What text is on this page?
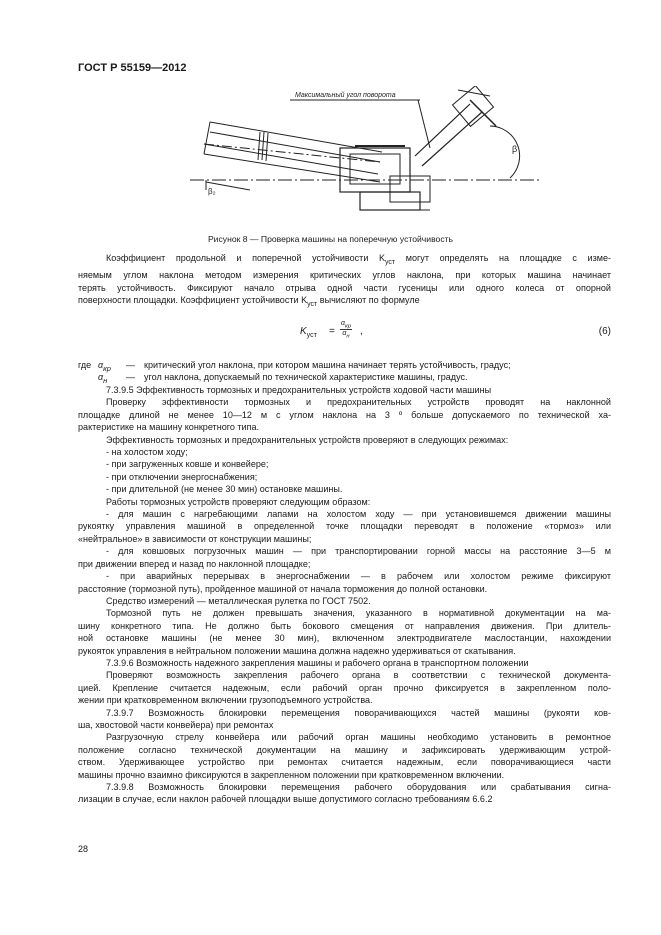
ГОСТ Р 55159—2012
Максимальный угол поворота
β
β₂
Рисунок 8 — Проверка машины на поперечную устойчивость
Коэффициент продольной и поперечной устойчивости $K_{уст}$ могут определять на площадке с изме-
няемым углом наклона методом измерения критических углов наклона, при которых машина начинает
терять устойчивость. Фиксируют начало отрыва одной части гусеницы или одного колеса от опорной
поверхности площадки. Коэффициент устойчивости $K_{уст}$ вычисляют по формуле
$K_{уст}$ =
$\alpha_{кр}$
$\alpha_н$ ,	(6)
где $\alpha_{кр}$ — критический угол наклона, при котором машина начинает терять устойчивость, градус;
$\alpha_н$ — угол наклона, допускаемый по технической характеристике машины, градус.
7.3.9.5 Эффективность тормозных и предохранительных устройств ходовой части машины
Проверку эффективности тормозных и предохранительных устройств проводят на наклонной
площадке длиной не менее 10—12 м с углом наклона на 3 º больше допускаемого по технической ха-
рактеристике на машину конкретного типа.
Эффективность тормозных и предохранительных устройств проверяют в следующих режимах:
- на холостом ходу;
- при загруженных ковше и конвейере;
- при отключении энергоснабжения;
- при длительной (не менее 30 мин) остановке машины.
Работы тормозных устройств проверяют следующим образом:
- для машин с нагребающими лапами на холостом ходу — при установившемся движении машины
рукоятку управления машиной в определенной точке площадки переводят в положение «тормоз» или
«нейтральное» в зависимости от конструкции машины;
- для ковшовых погрузочных машин — при транспортировании горной массы на расстояние 3—5 м
при движении вперед и назад по наклонной площадке;
- при аварийных перерывах в энергоснабжении — в рабочем или холостом режиме фиксируют
расстояние (тормозной путь), пройденное машиной от начала торможения до полной остановки.
Средство измерений — металлическая рулетка по ГОСТ 7502.
Тормозной путь не должен превышать значения, указанного в нормативной документации на ма-
шину конкретного типа. Не должно быть бокового смещения от направления движения. При длитель-
ной остановке машины (не менее 30 мин), включенном электродвигателе маслостанции, нахождении
рукояток управления в нейтральном положении машина должна надежно удерживаться от скатывания.
7.3.9.6 Возможность надежного закрепления машины и рабочего органа в транспортном положении
Проверяют возможность закрепления рабочего органа в соответствии с технической документа-
цией. Крепление считается надежным, если рабочий орган прочно фиксируется в закрепленном поло-
жении при кратковременном включении грузоподъемного устройства.
7.3.9.7 Возможность блокировки перемещения поворачивающихся частей машины (рукояти ков-
ша, хвостовой части конвейера) при ремонтах
Разгрузочную стрелу конвейера или рабочий орган машины необходимо установить в ремонтное
положение согласно технической документации на машину и зафиксировать удерживающим устрой-
ством. Удерживающее устройство при ремонтах считается надежным, если поворачивающиеся части
машины прочно взаимно фиксируются в закрепленном положении при кратковременном включении.
7.3.9.8 Возможность блокировки перемещения рабочего оборудования или срабатывания сигна-
лизации в случае, если наклон рабочей площадки выше допустимого согласно требованиям 6.6.2
28
